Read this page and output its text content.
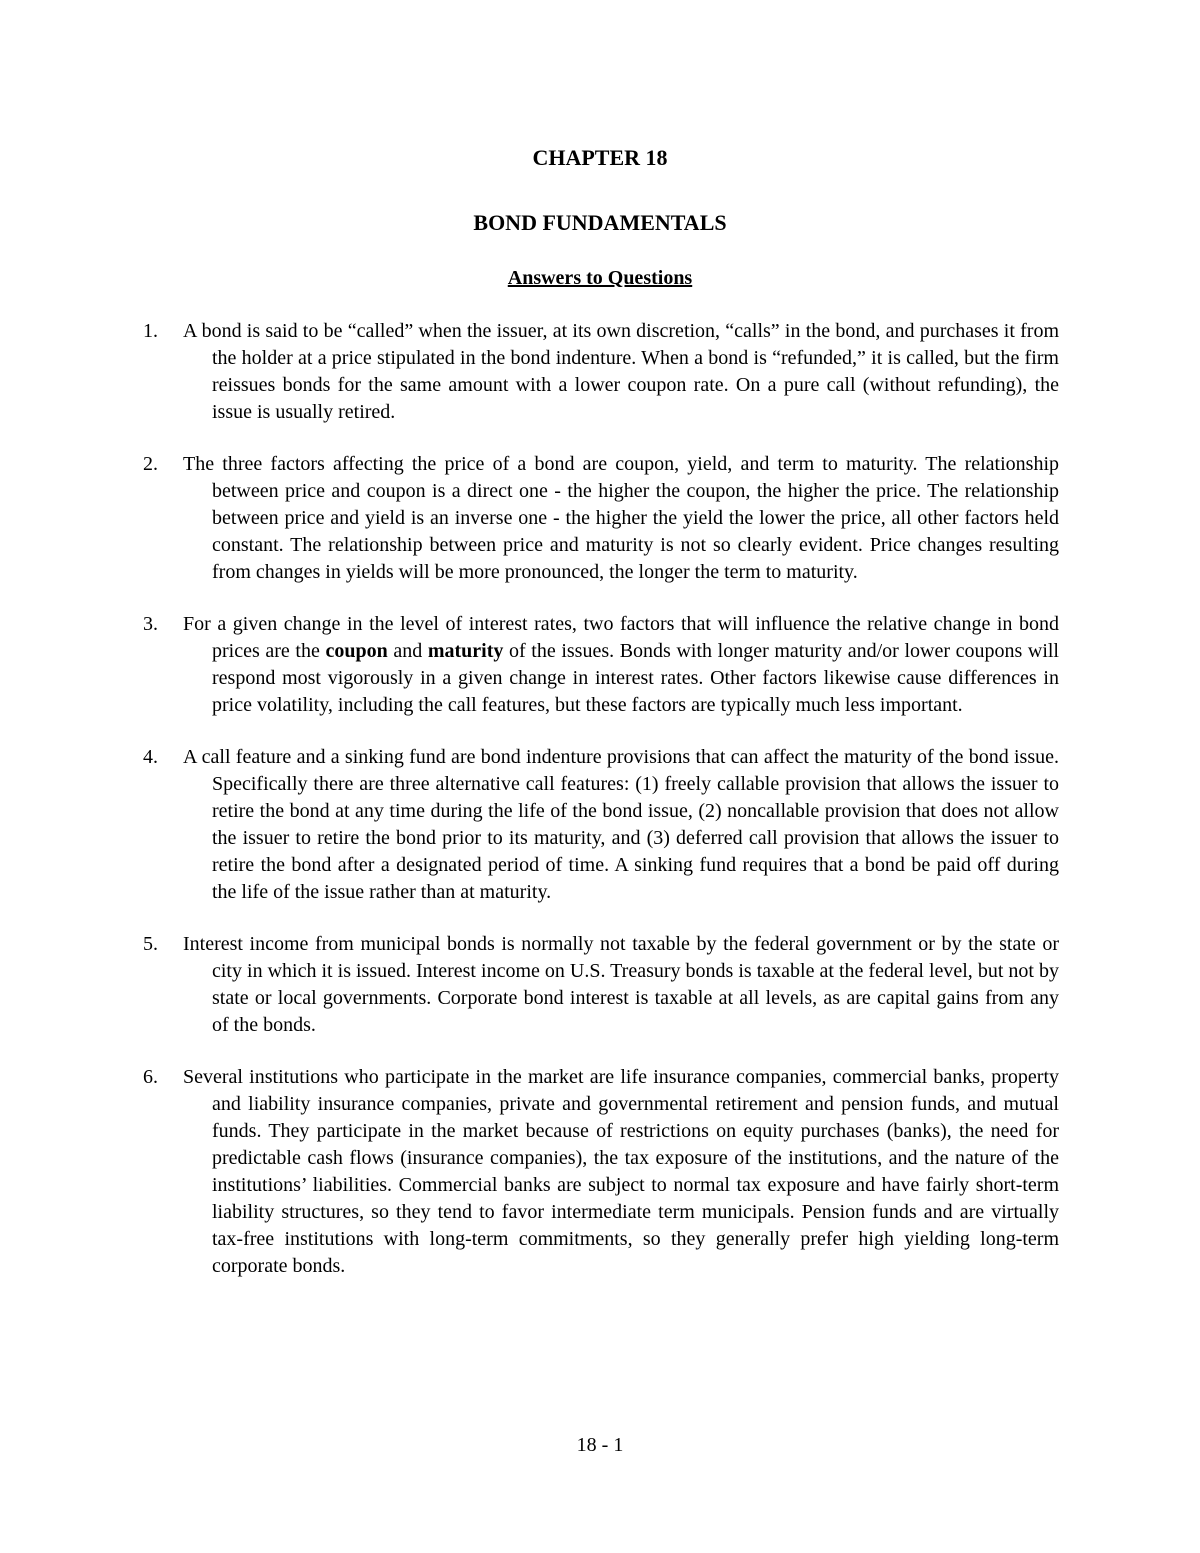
CHAPTER 18
BOND FUNDAMENTALS
Answers to Questions
1.	A bond is said to be “called” when the issuer, at its own discretion, “calls” in the bond, and purchases it from the holder at a price stipulated in the bond indenture. When a bond is “refunded,” it is called, but the firm reissues bonds for the same amount with a lower coupon rate. On a pure call (without refunding), the issue is usually retired.
2.	The three factors affecting the price of a bond are coupon, yield, and term to maturity. The relationship between price and coupon is a direct one - the higher the coupon, the higher the price. The relationship between price and yield is an inverse one - the higher the yield the lower the price, all other factors held constant. The relationship between price and maturity is not so clearly evident. Price changes resulting from changes in yields will be more pronounced, the longer the term to maturity.
3.	For a given change in the level of interest rates, two factors that will influence the relative change in bond prices are the coupon and maturity of the issues. Bonds with longer maturity and/or lower coupons will respond most vigorously in a given change in interest rates. Other factors likewise cause differences in price volatility, including the call features, but these factors are typically much less important.
4.	A call feature and a sinking fund are bond indenture provisions that can affect the maturity of the bond issue. Specifically there are three alternative call features: (1) freely callable provision that allows the issuer to retire the bond at any time during the life of the bond issue, (2) noncallable provision that does not allow the issuer to retire the bond prior to its maturity, and (3) deferred call provision that allows the issuer to retire the bond after a designated period of time. A sinking fund requires that a bond be paid off during the life of the issue rather than at maturity.
5.	Interest income from municipal bonds is normally not taxable by the federal government or by the state or city in which it is issued. Interest income on U.S. Treasury bonds is taxable at the federal level, but not by state or local governments. Corporate bond interest is taxable at all levels, as are capital gains from any of the bonds.
6.	Several institutions who participate in the market are life insurance companies, commercial banks, property and liability insurance companies, private and governmental retirement and pension funds, and mutual funds. They participate in the market because of restrictions on equity purchases (banks), the need for predictable cash flows (insurance companies), the tax exposure of the institutions, and the nature of the institutions’ liabilities. Commercial banks are subject to normal tax exposure and have fairly short-term liability structures, so they tend to favor intermediate term municipals. Pension funds and are virtually tax-free institutions with long-term commitments, so they generally prefer high yielding long-term corporate bonds.
18 - 1
